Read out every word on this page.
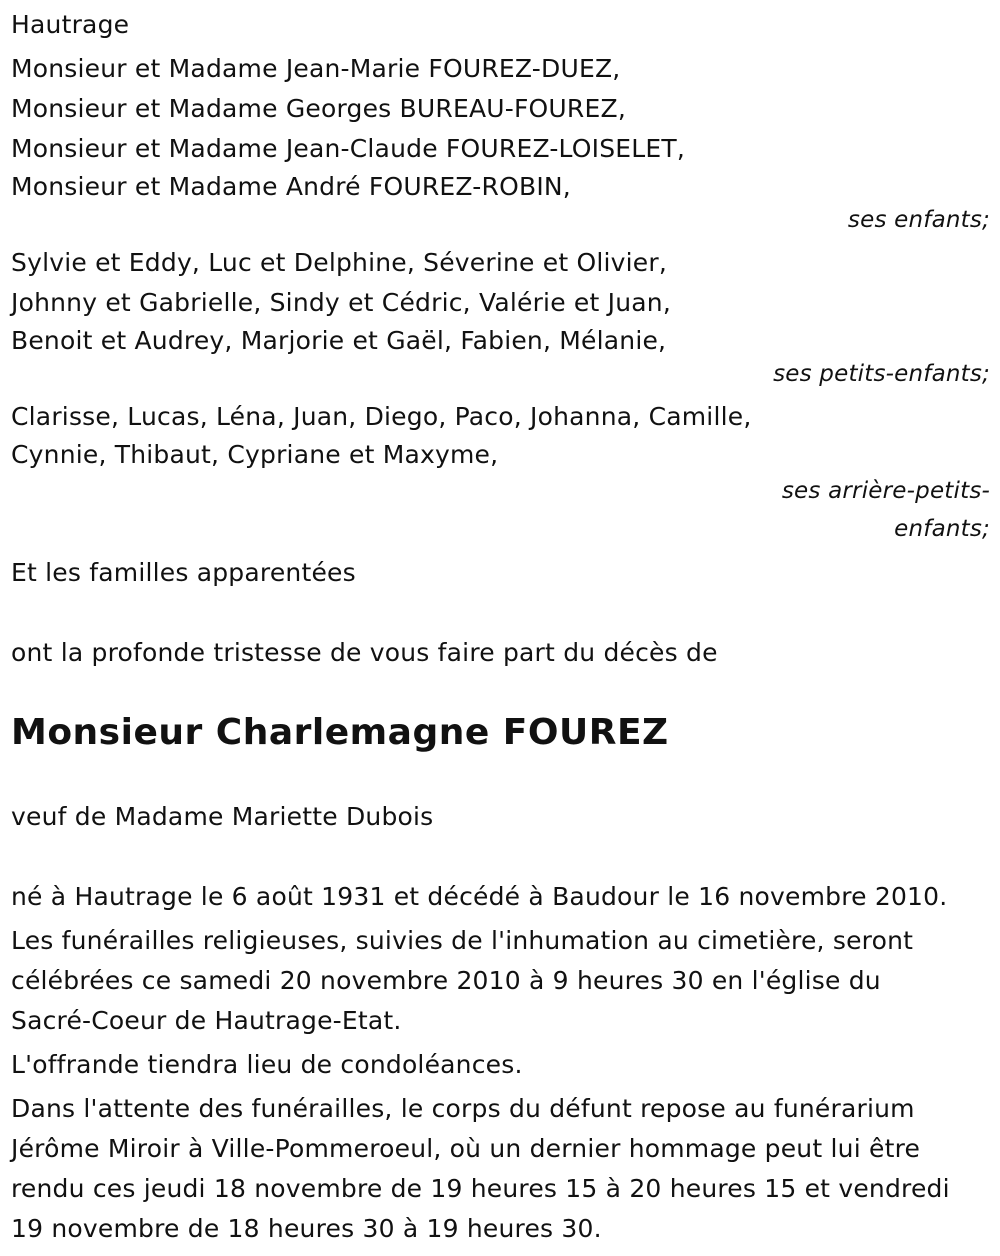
Hautrage

Monsieur et Madame Jean-Marie FOUREZ-DUEZ,

Monsieur et Madame Georges BUREAU-FOUREZ,

Monsieur et Madame Jean-Claude FOUREZ-LOISELET,

Monsieur et Madame André FOUREZ-ROBIN,

ses enfants;

Sylvie et Eddy, Luc et Delphine, Séverine et Olivier,

Johnny et Gabrielle, Sindy et Cédric, Valérie et Juan,

Benoit et Audrey, Marjorie et Gaël, Fabien, Mélanie,

ses petits-enfants;

Clarisse, Lucas, Léna, Juan, Diego, Paco, Johanna, Camille,

Cynnie, Thibaut, Cypriane et Maxyme,

ses arrière-petits-

enfants;

Et les familles apparentées

ont la profonde tristesse de vous faire part du décès de

Monsieur Charlemagne FOUREZ

veuf de Madame Mariette Dubois

né à Hautrage le 6 août 1931 et décédé à Baudour le 16 novembre 2010.

Les funérailles religieuses, suivies de l'inhumation au cimetière, seront

célébrées ce samedi 20 novembre 2010 à 9 heures 30 en l'église du

Sacré-Coeur de Hautrage-Etat.

L'offrande tiendra lieu de condoléances.

Dans l'attente des funérailles, le corps du défunt repose au funérarium

Jérôme Miroir à Ville-Pommeroeul, où un dernier hommage peut lui être

rendu ces jeudi 18 novembre de 19 heures 15 à 20 heures 15 et vendredi

19 novembre de 18 heures 30 à 19 heures 30.
